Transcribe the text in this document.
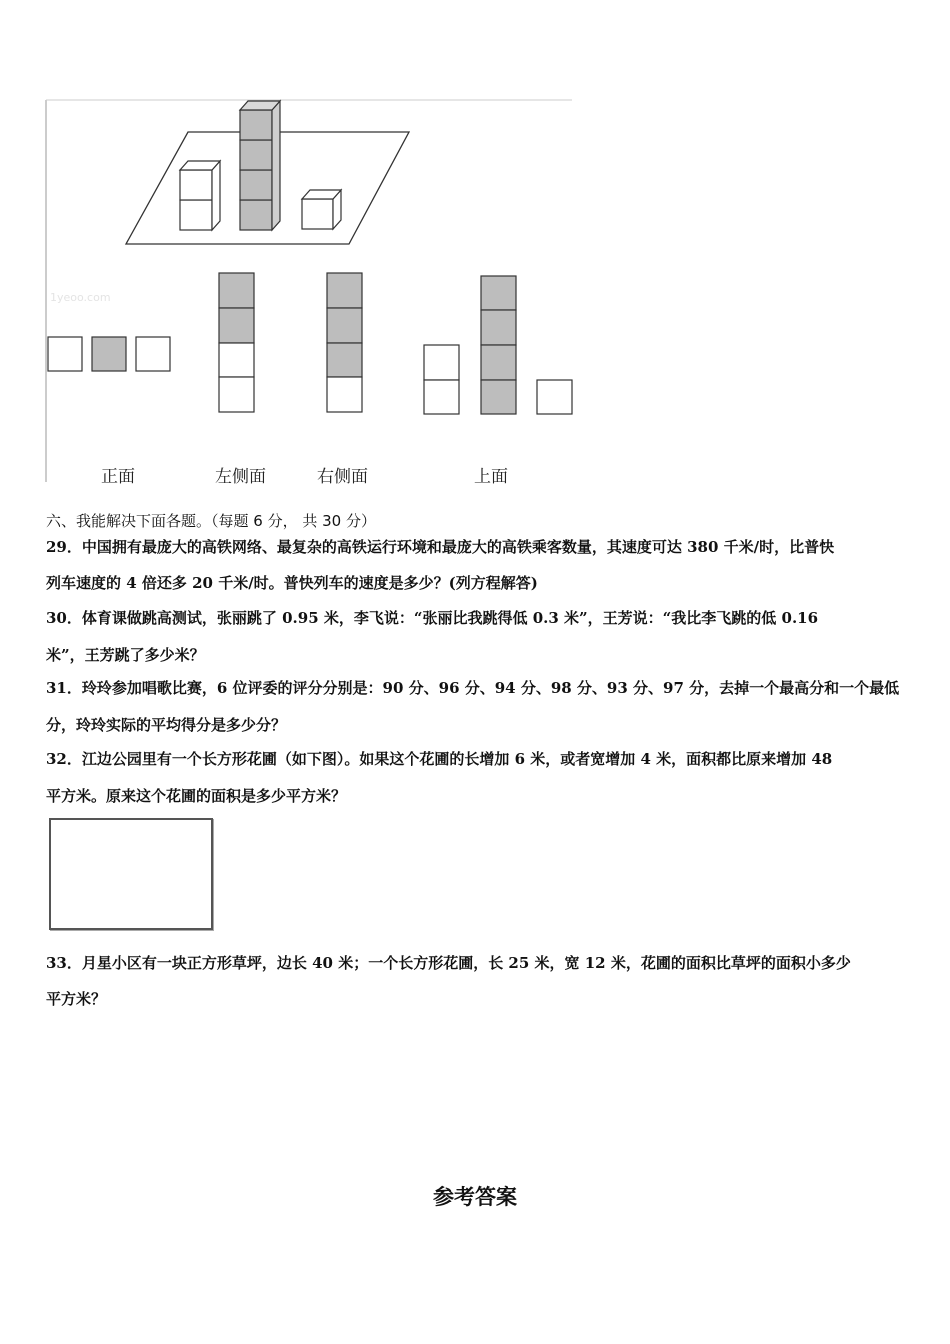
1yeoo.com
正面	左侧面	右侧面	上面
六、我能解决下面各题。（每题 6 分， 共 30 分）
29．中国拥有最庞大的高铁网络、最复杂的高铁运行环境和最庞大的高铁乘客数量，其速度可达 380 千米/时，比普快
列车速度的 4 倍还多 20 千米/时。普快列车的速度是多少？(列方程解答)
30．体育课做跳高测试，张丽跳了 0.95 米，李飞说：“张丽比我跳得低 0.3 米”，王芳说：“我比李飞跳的低 0.16
米”，王芳跳了多少米？
31．玲玲参加唱歌比赛，6 位评委的评分分别是：90 分、96 分、94 分、98 分、93 分、97 分，去掉一个最高分和一个最低
分，玲玲实际的平均得分是多少分？
32．江边公园里有一个长方形花圃（如下图）。如果这个花圃的长增加 6 米，或者宽增加 4 米，面积都比原来增加 48
平方米。原来这个花圃的面积是多少平方米？
33．月星小区有一块正方形草坪，边长 40 米；一个长方形花圃，长 25 米，宽 12 米，花圃的面积比草坪的面积小多少
平方米？
参考答案
